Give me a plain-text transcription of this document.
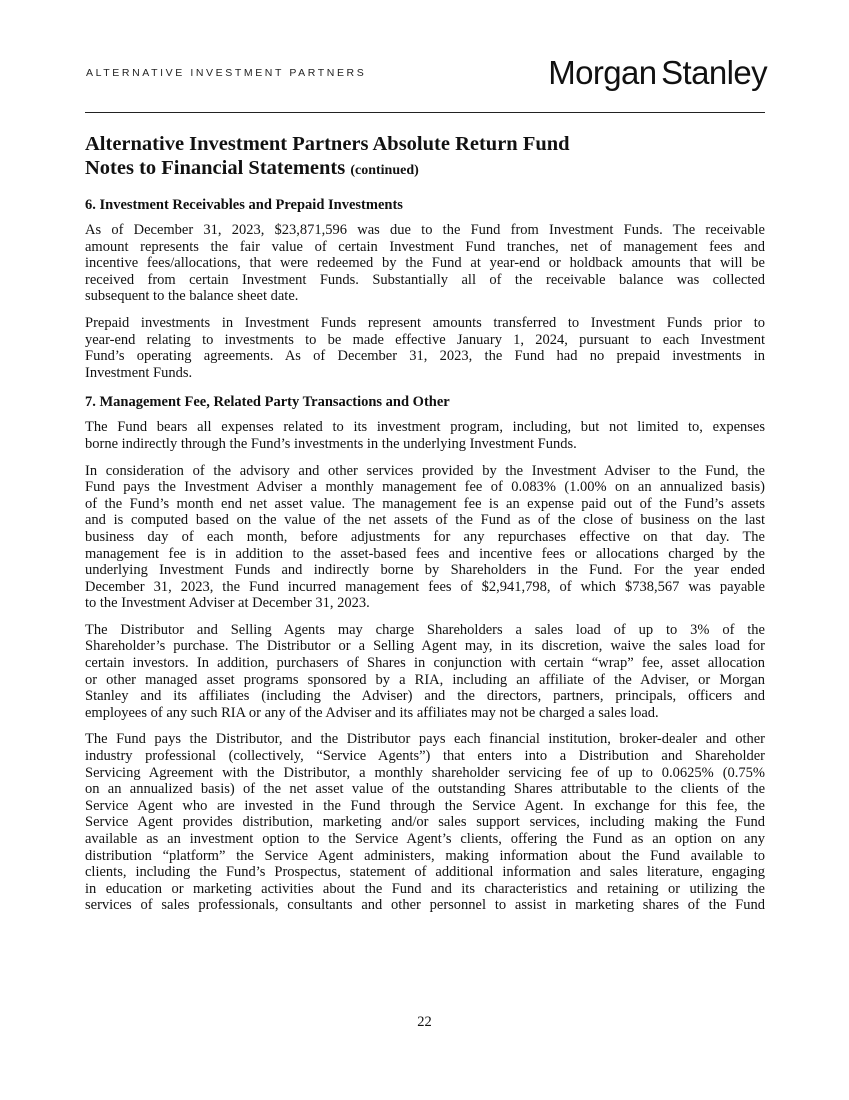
ALTERNATIVE INVESTMENT PARTNERS	Morgan Stanley
Alternative Investment Partners Absolute Return Fund
Notes to Financial Statements (continued)
6. Investment Receivables and Prepaid Investments
As of December 31, 2023, $23,871,596 was due to the Fund from Investment Funds. The receivable
amount represents the fair value of certain Investment Fund tranches, net of management fees and
incentive fees/allocations, that were redeemed by the Fund at year-end or holdback amounts that will be
received from certain Investment Funds. Substantially all of the receivable balance was collected
subsequent to the balance sheet date.
Prepaid investments in Investment Funds represent amounts transferred to Investment Funds prior to
year-end relating to investments to be made effective January 1, 2024, pursuant to each Investment
Fund’s operating agreements. As of December 31, 2023, the Fund had no prepaid investments in
Investment Funds.
7. Management Fee, Related Party Transactions and Other
The Fund bears all expenses related to its investment program, including, but not limited to, expenses
borne indirectly through the Fund’s investments in the underlying Investment Funds.
In consideration of the advisory and other services provided by the Investment Adviser to the Fund, the
Fund pays the Investment Adviser a monthly management fee of 0.083% (1.00% on an annualized basis)
of the Fund’s month end net asset value. The management fee is an expense paid out of the Fund’s assets
and is computed based on the value of the net assets of the Fund as of the close of business on the last
business day of each month, before adjustments for any repurchases effective on that day. The
management fee is in addition to the asset-based fees and incentive fees or allocations charged by the
underlying Investment Funds and indirectly borne by Shareholders in the Fund. For the year ended
December 31, 2023, the Fund incurred management fees of $2,941,798, of which $738,567 was payable
to the Investment Adviser at December 31, 2023.
The Distributor and Selling Agents may charge Shareholders a sales load of up to 3% of the
Shareholder’s purchase. The Distributor or a Selling Agent may, in its discretion, waive the sales load for
certain investors. In addition, purchasers of Shares in conjunction with certain “wrap” fee, asset allocation
or other managed asset programs sponsored by a RIA, including an affiliate of the Adviser, or Morgan
Stanley and its affiliates (including the Adviser) and the directors, partners, principals, officers and
employees of any such RIA or any of the Adviser and its affiliates may not be charged a sales load.
The Fund pays the Distributor, and the Distributor pays each financial institution, broker-dealer and other
industry professional (collectively, “Service Agents”) that enters into a Distribution and Shareholder
Servicing Agreement with the Distributor, a monthly shareholder servicing fee of up to 0.0625% (0.75%
on an annualized basis) of the net asset value of the outstanding Shares attributable to the clients of the
Service Agent who are invested in the Fund through the Service Agent. In exchange for this fee, the
Service Agent provides distribution, marketing and/or sales support services, including making the Fund
available as an investment option to the Service Agent’s clients, offering the Fund as an option on any
distribution “platform” the Service Agent administers, making information about the Fund available to
clients, including the Fund’s Prospectus, statement of additional information and sales literature, engaging
in education or marketing activities about the Fund and its characteristics and retaining or utilizing the
services of sales professionals, consultants and other personnel to assist in marketing shares of the Fund
22
